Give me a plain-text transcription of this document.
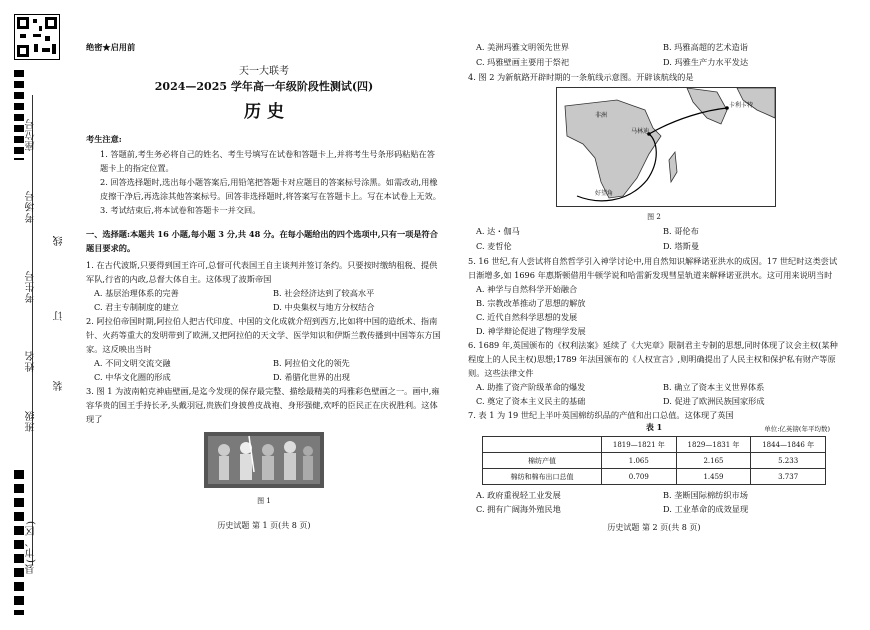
座位号
考场号
考生号
姓名
班级
县(市、区)
线
订
装
绝密★启用前
天一大联考
2024—2025 学年高一年级阶段性测试(四)
历 史
考生注意:
1. 答题前,考生务必将自己的姓名、考生号填写在试卷和答题卡上,并将考生号条形码粘贴在答题卡上的指定位置。
2. 回答选择题时,选出每小题答案后,用铅笔把答题卡对应题目的答案标号涂黑。如需改动,用橡皮擦干净后,再选涂其他答案标号。回答非选择题时,将答案写在答题卡上。写在本试卷上无效。
3. 考试结束后,将本试卷和答题卡一并交回。
一、选择题:本题共 16 小题,每小题 3 分,共 48 分。在每小题给出的四个选项中,只有一项是符合题目要求的。
1. 在古代波斯,只要得到国王许可,总督可代表国王自主谈判并签订条约。只要按时缴纳租税、提供军队,行省的内政,总督大体自主。这体现了波斯帝国
A. 基层治理体系的完善	B. 社会经济达到了较高水平
C. 君主专制制度的建立	D. 中央集权与地方分权结合
2. 阿拉伯帝国时期,阿拉伯人把古代印度、中国的文化成就介绍到西方,比如将中国的造纸术、指南针、火药等重大的发明带到了欧洲,又把阿拉伯的天文学、医学知识和伊斯兰教传播到中国等东方国家。这反映出当时
A. 不同文明交流交融	B. 阿拉伯文化的领先
C. 中华文化圈的形成	D. 希腊化世界的出现
3. 图 1 为波南帕克神庙壁画,是迄今发现的保存最完整、描绘最精美的玛雅彩色壁画之一。画中,雍容华贵的国王手持长矛,头戴羽冠,贵族们身披兽皮战袍、身形强健,欢呼的臣民正在庆祝胜利。这体现了
图 1
历史试题 第 1 页(共 8 页)
A. 美洲玛雅文明领先世界	B. 玛雅高超的艺术造诣
C. 玛雅壁画主要用于祭祀	D. 玛雅生产力水平发达
4. 图 2 为新航路开辟时期的一条航线示意图。开辟该航线的是
非洲
马林迪
卡利卡特
好望角
图 2
A. 达・伽马	B. 哥伦布
C. 麦哲伦	D. 塔斯曼
5. 16 世纪,有人尝试将自然哲学引入神学讨论中,用自然知识解释诺亚洪水的成因。17 世纪时这类尝试日渐增多,如 1696 年惠斯顿借用牛顿学说和哈雷新发现彗星轨道来解释诺亚洪水。这可用来说明当时
A. 神学与自然科学开始融合
B. 宗教改革推动了思想的解放
C. 近代自然科学思想的发展
D. 神学辩论促进了物理学发展
6. 1689 年,英国颁布的《权利法案》延续了《大宪章》限制君主专制的思想,同时体现了议会主权(某种程度上的人民主权)思想;1789 年法国颁布的《人权宣言》,则明确提出了人民主权和保护私有财产等原则。这些法律文件
A. 助推了资产阶级革命的爆发	B. 确立了资本主义世界体系
C. 奠定了资本主义民主的基础	D. 促进了欧洲民族国家形成
7. 表 1 为 19 世纪上半叶英国棉纺织品的产值和出口总值。这体现了英国
表 1	单位:亿英镑(年平均数)
	1819—1821 年	1829—1831 年	1844—1846 年
棉纺产值	1.065	2.165	5.233
棉纺和棉布出口总值	0.709	1.459	3.737
A. 政府重视轻工业发展	B. 垄断国际棉纺织市场
C. 拥有广阔海外殖民地	D. 工业革命的成效显现
历史试题 第 2 页(共 8 页)
